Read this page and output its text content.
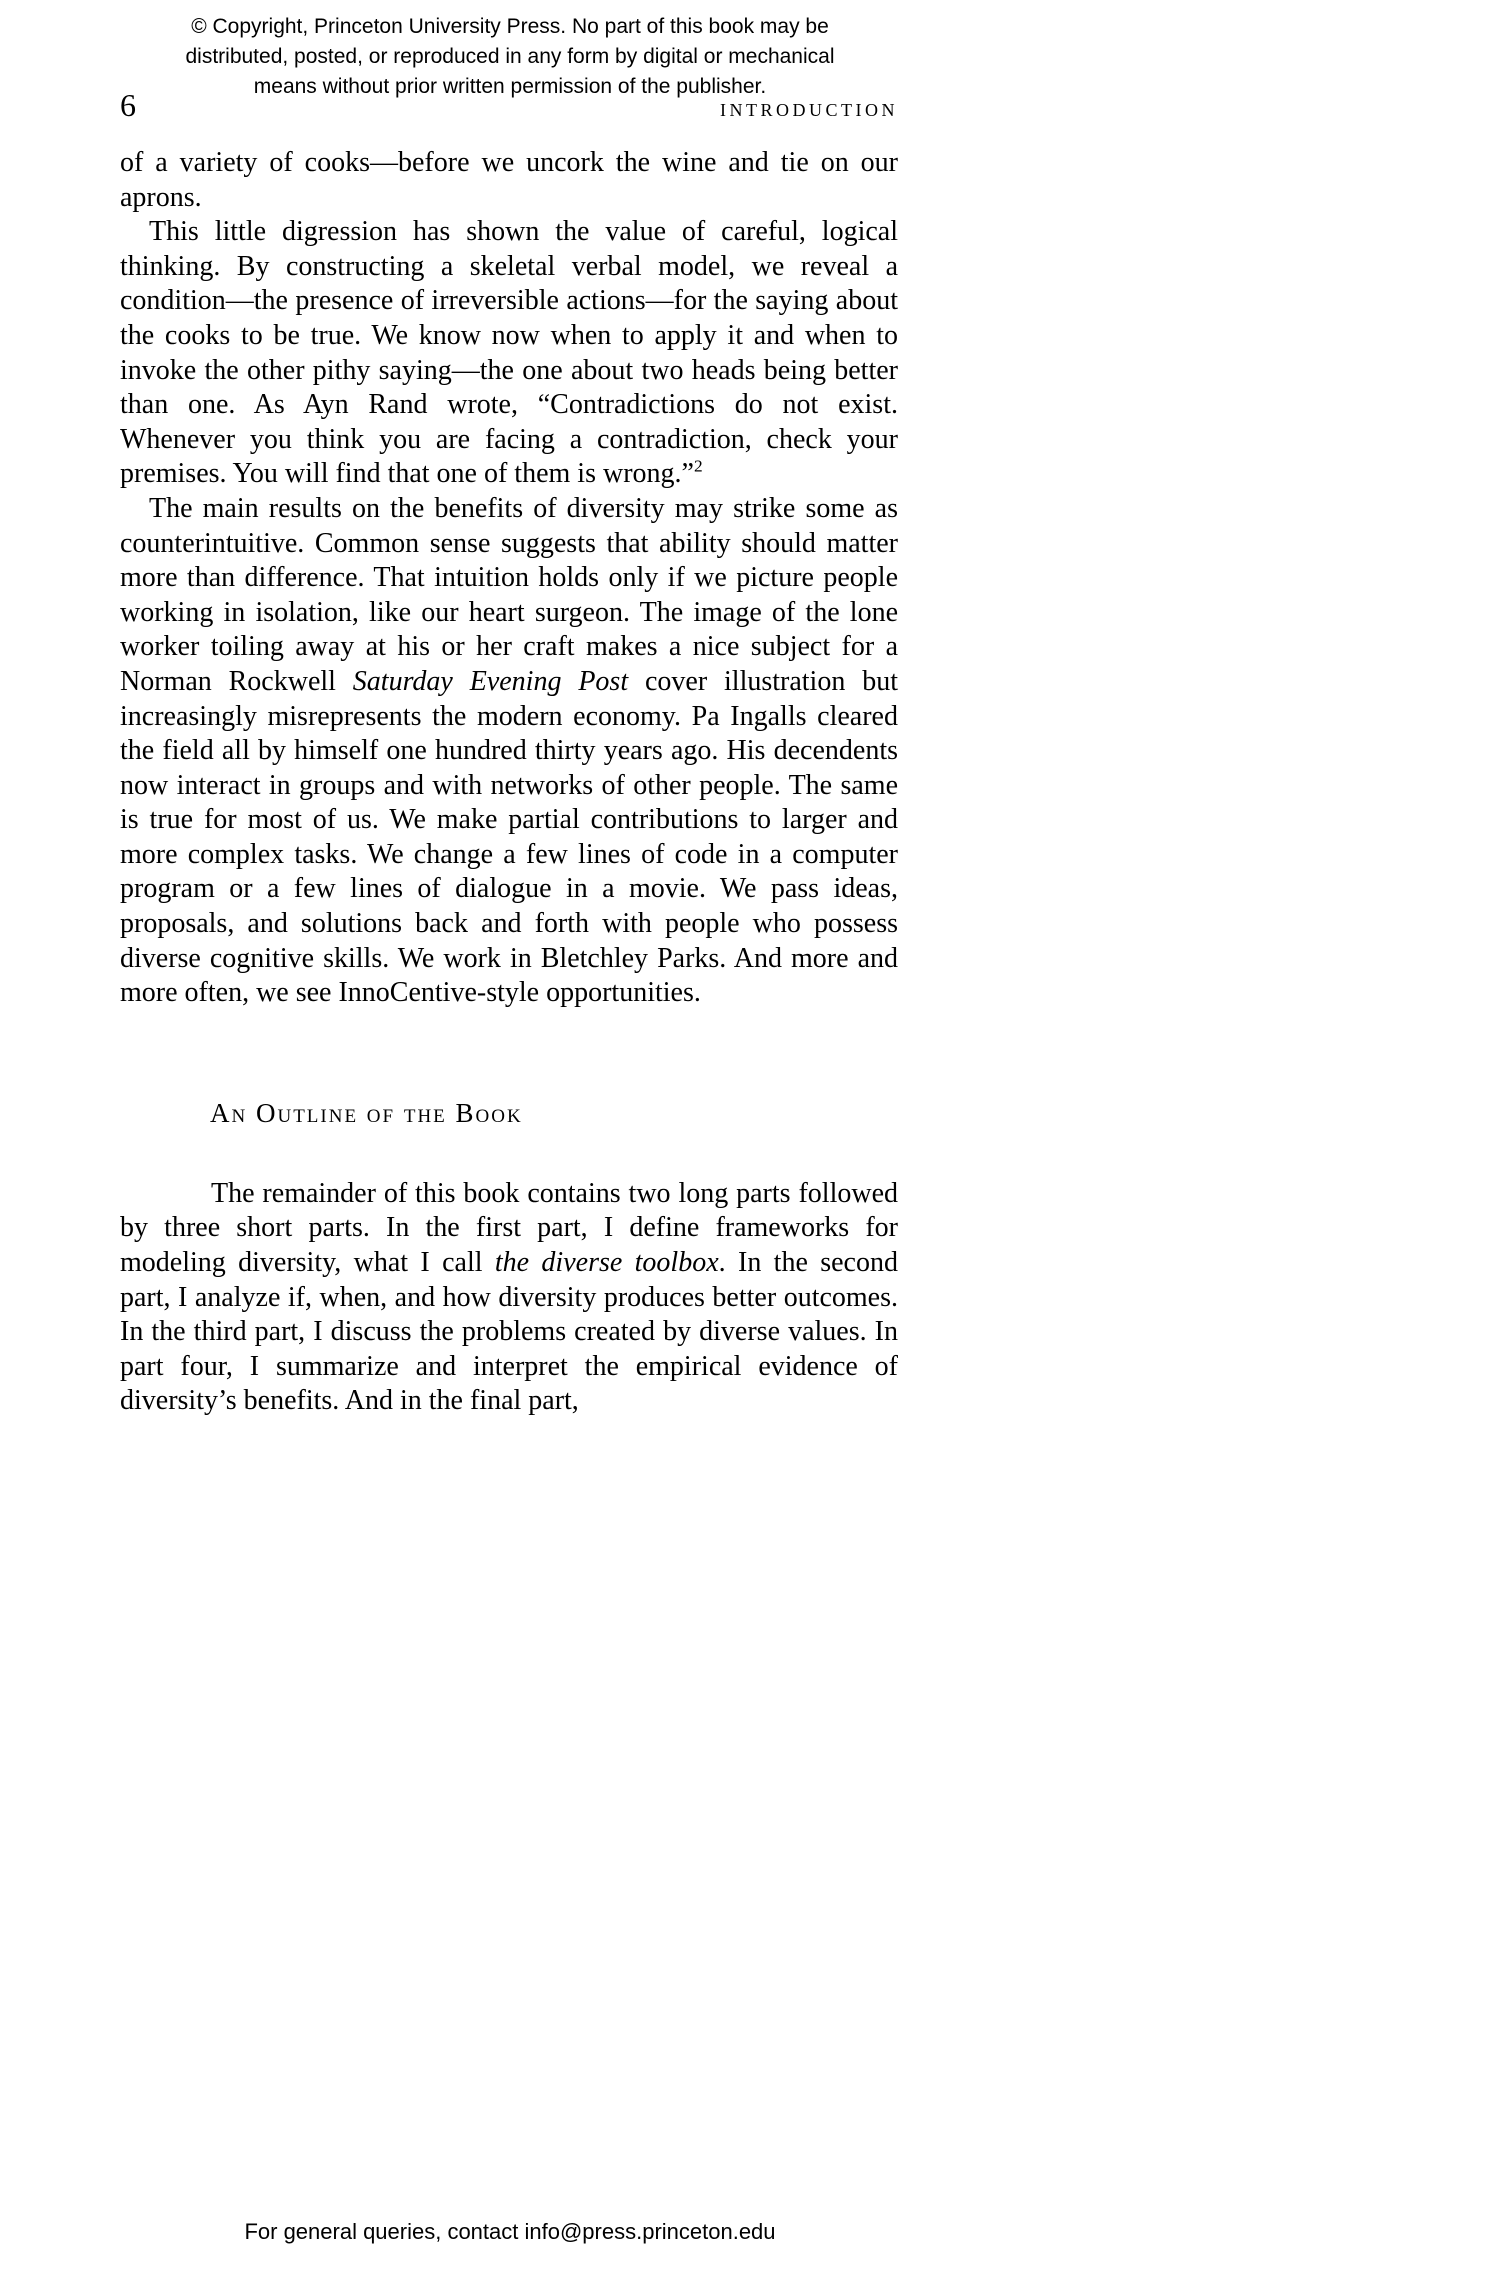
© Copyright, Princeton University Press. No part of this book may be
distributed, posted, or reproduced in any form by digital or mechanical
means without prior written permission of the publisher.
6	INTRODUCTION

of a variety of cooks—before we uncork the wine and tie on our aprons.

This little digression has shown the value of careful, logical thinking. By constructing a skeletal verbal model, we reveal a condition—the presence of irreversible actions—for the saying about the cooks to be true. We know now when to apply it and when to invoke the other pithy saying—the one about two heads being better than one. As Ayn Rand wrote, “Contradictions do not exist. Whenever you think you are facing a contradiction, check your premises. You will find that one of them is wrong.”$^2$

The main results on the benefits of diversity may strike some as counterintuitive. Common sense suggests that ability should matter more than difference. That intuition holds only if we picture people working in isolation, like our heart surgeon. The image of the lone worker toiling away at his or her craft makes a nice subject for a Norman Rockwell Saturday Evening Post cover illustration but increasingly misrepresents the modern economy. Pa Ingalls cleared the field all by himself one hundred thirty years ago. His decendents now interact in groups and with networks of other people. The same is true for most of us. We make partial contributions to larger and more complex tasks. We change a few lines of code in a computer program or a few lines of dialogue in a movie. We pass ideas, proposals, and solutions back and forth with people who possess diverse cognitive skills. We work in Bletchley Parks. And more and more often, we see InnoCentive-style opportunities.

An Outline of the Book

The remainder of this book contains two long parts followed by three short parts. In the first part, I define frameworks for modeling diversity, what I call the diverse toolbox. In the second part, I analyze if, when, and how diversity produces better outcomes. In the third part, I discuss the problems created by diverse values. In part four, I summarize and interpret the empirical evidence of diversity’s benefits. And in the final part,

For general queries, contact info@press.princeton.edu
